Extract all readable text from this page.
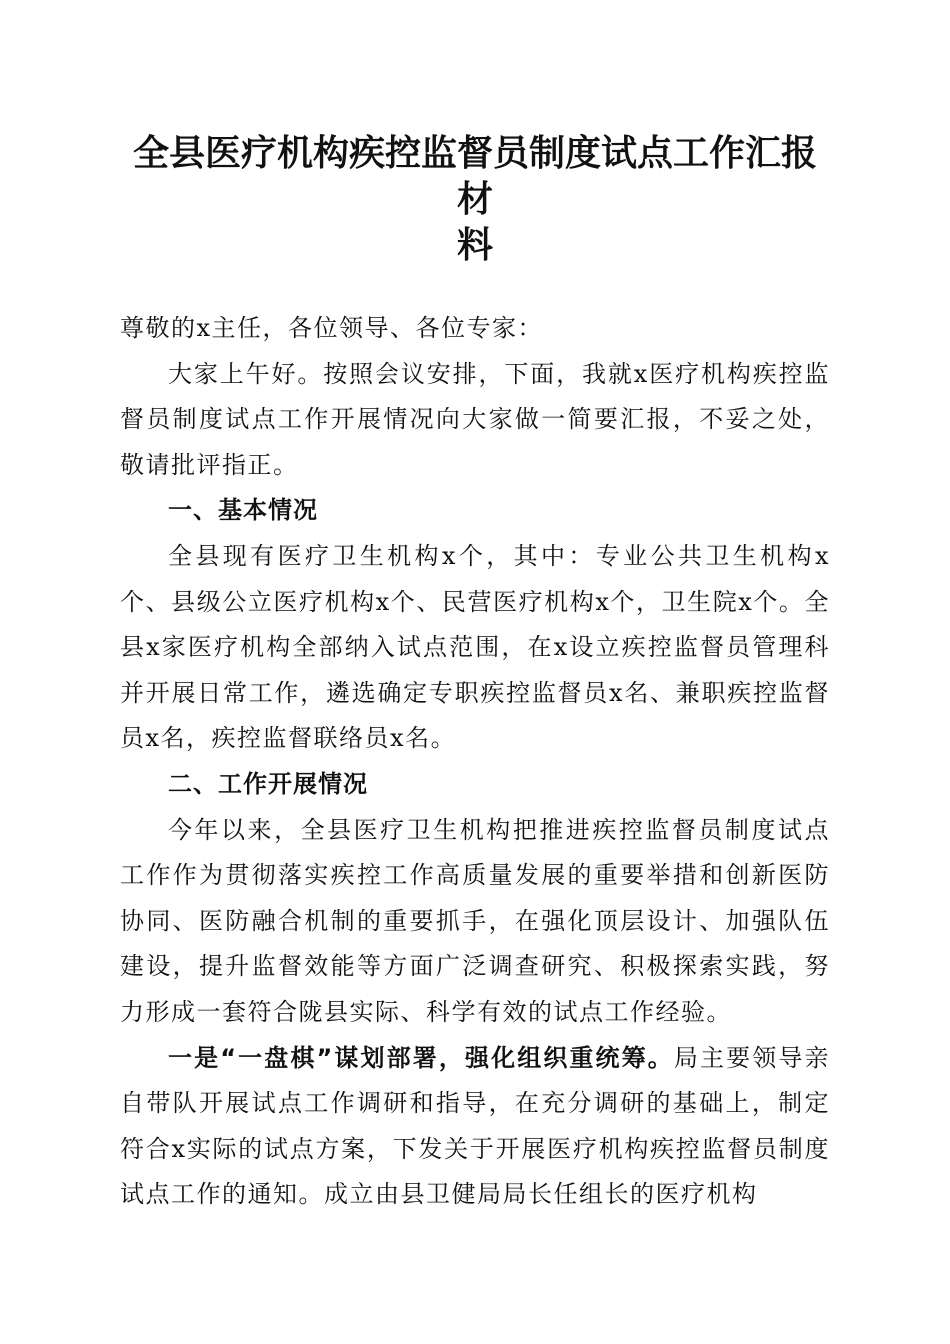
全县医疗机构疾控监督员制度试点工作汇报材
料

尊敬的x主任，各位领导、各位专家：

大家上午好。按照会议安排，下面，我就x医疗机构疾控监督员制度试点工作开展情况向大家做一简要汇报，不妥之处，敬请批评指正。

一、基本情况

全县现有医疗卫生机构x个，其中：专业公共卫生机构x个、县级公立医疗机构x个、民营医疗机构x个，卫生院x个。全县x家医疗机构全部纳入试点范围，在x设立疾控监督员管理科并开展日常工作，遴选确定专职疾控监督员x名、兼职疾控监督员x名，疾控监督联络员x名。

二、工作开展情况

今年以来，全县医疗卫生机构把推进疾控监督员制度试点工作作为贯彻落实疾控工作高质量发展的重要举措和创新医防协同、医防融合机制的重要抓手，在强化顶层设计、加强队伍建设，提升监督效能等方面广泛调查研究、积极探索实践，努力形成一套符合陇县实际、科学有效的试点工作经验。

一是“一盘棋”谋划部署，强化组织重统筹。局主要领导亲自带队开展试点工作调研和指导，在充分调研的基础上，制定符合x实际的试点方案，下发关于开展医疗机构疾控监督员制度试点工作的通知。成立由县卫健局局长任组长的医疗机构
